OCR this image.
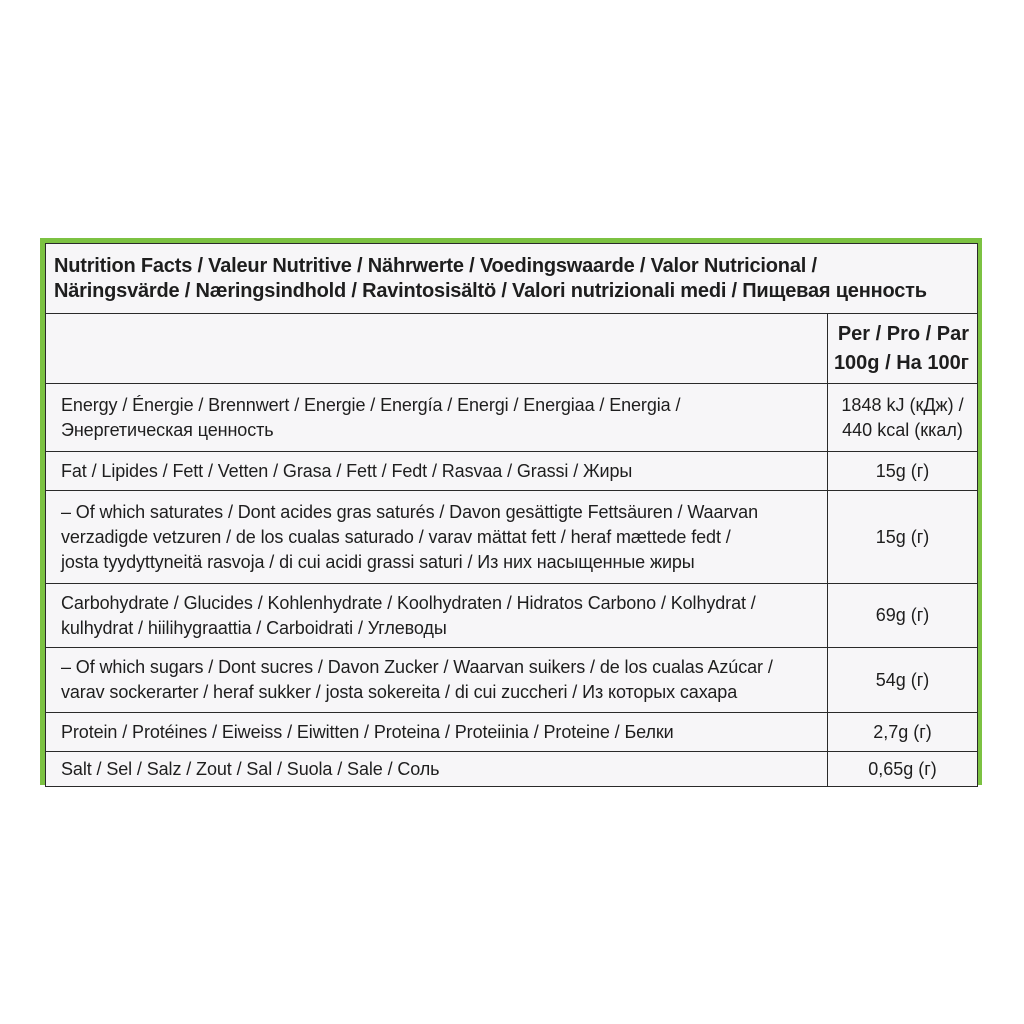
Nutrition Facts / Valeur Nutritive / Nährwerte / Voedingswaarde / Valor Nutricional /
Näringsvärde / Næringsindhold / Ravintosisältö / Valori nutrizionali medi / Пищевая ценность	

	Per / Pro / Par
100g / На 100г

Energy / Énergie / Brennwert / Energie / Energía / Energi / Energiaa / Energia /
Энергетическая ценность	1848 kJ (кДж) /
440 kcal (ккал)

Fat / Lipides / Fett / Vetten / Grasa / Fett / Fedt / Rasvaa / Grassi / Жиры	15g (г)

– Of which saturates / Dont acides gras saturés / Davon gesättigte Fettsäuren / Waarvan
verzadigde vetzuren / de los cualas saturado / varav mättat fett / heraf mættede fedt /
josta tyydyttyneitä rasvoja / di cui acidi grassi saturi / Из них насыщенные жиры	15g (г)

Carbohydrate / Glucides / Kohlenhydrate / Koolhydraten / Hidratos Carbono / Kolhydrat /
kulhydrat / hiilihygraattia / Carboidrati / Углеводы	69g (г)

– Of which sugars / Dont sucres / Davon Zucker / Waarvan suikers / de los cualas Azúcar /
varav sockerarter / heraf sukker / josta sokereita / di cui zuccheri / Из которых сахара	54g (г)

Protein / Protéines / Eiweiss / Eiwitten / Proteina / Proteiinia / Proteine / Белки	2,7g (г)

Salt / Sel / Salz / Zout / Sal / Suola / Sale / Соль	0,65g (г)
